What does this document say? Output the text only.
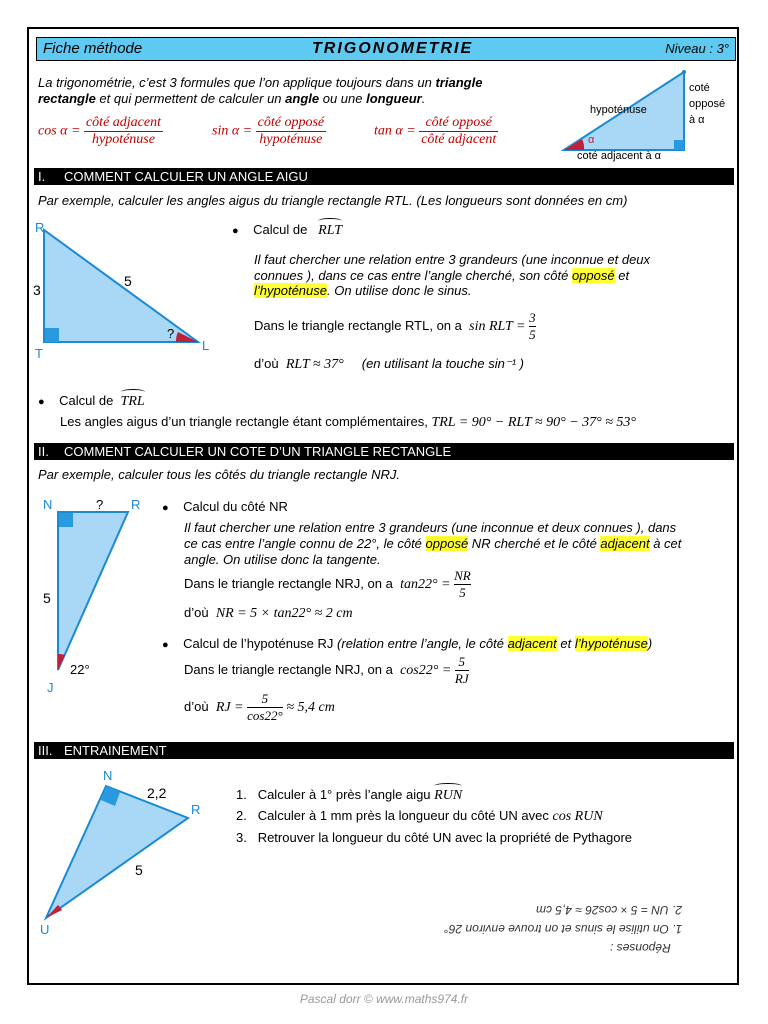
Fiche méthode	TRIGONOMETRIE	Niveau : 3°
La trigonométrie, c’est 3 formules que l’on applique toujours dans un triangle
rectangle et qui permettent de calculer un angle ou une longueur.
$\cos \alpha = \frac{\text{côté adjacent}}{\text{hypoténuse}}$	$\sin \alpha = \frac{\text{côté opposé}}{\text{hypoténuse}}$	$\tan \alpha = \frac{\text{côté opposé}}{\text{côté adjacent}}$
hypoténuse
coté
opposé
à α
coté adjacent à α
α
I. COMMENT CALCULER UN ANGLE AIGU
Par exemple, calculer les angles aigus du triangle rectangle RTL. (Les longueurs sont données en cm)
R
T
L
3
5
?
● Calcul de RLT
Il faut chercher une relation entre 3 grandeurs (une inconnue et deux
connues ), dans ce cas entre l’angle cherché, son côté opposé et
l’hypoténuse. On utilise donc le sinus.
Dans le triangle rectangle RTL, on a sin RLT = $\frac{3}{5}$
d’où RLT ≈ 37° (en utilisant la touche sin⁻¹ )
● Calcul de TRL
Les angles aigus d’un triangle rectangle étant complémentaires, TRL = 90° − RLT ≈ 90° − 37° ≈ 53°
II. COMMENT CALCULER UN COTE D’UN TRIANGLE RECTANGLE
Par exemple, calculer tous les côtés du triangle rectangle NRJ.
N	R
J
?
5
22°
● Calcul du côté NR
Il faut chercher une relation entre 3 grandeurs (une inconnue et deux connues ), dans
ce cas entre l’angle connu de 22°, le côté opposé NR cherché et le côté adjacent à cet
angle. On utilise donc la tangente.
Dans le triangle rectangle NRJ, on a $\tan 22^\circ = \frac{NR}{5}$
d’où NR = 5 × tan22° ≈ 2 cm
● Calcul de l’hypoténuse RJ (relation entre l’angle, le côté adjacent et l’hypoténuse)
Dans le triangle rectangle NRJ, on a $\cos 22^\circ = \frac{5}{RJ}$
d’où RJ = $\frac{5}{\cos 22^\circ} \approx 5,4$ cm
III. ENTRAINEMENT
N
R
U
2,2
5
1. Calculer à 1° près l’angle aigu RUN
2. Calculer à 1 mm près la longueur du côté UN avec cos RUN
3. Retrouver la longueur du côté UN avec la propriété de Pythagore
Réponses :
1. On utilise le sinus et on trouve environ 26°
2. UN = 5 × cos26 ≈ 4,5 cm
Pascal dorr © www.maths974.fr
